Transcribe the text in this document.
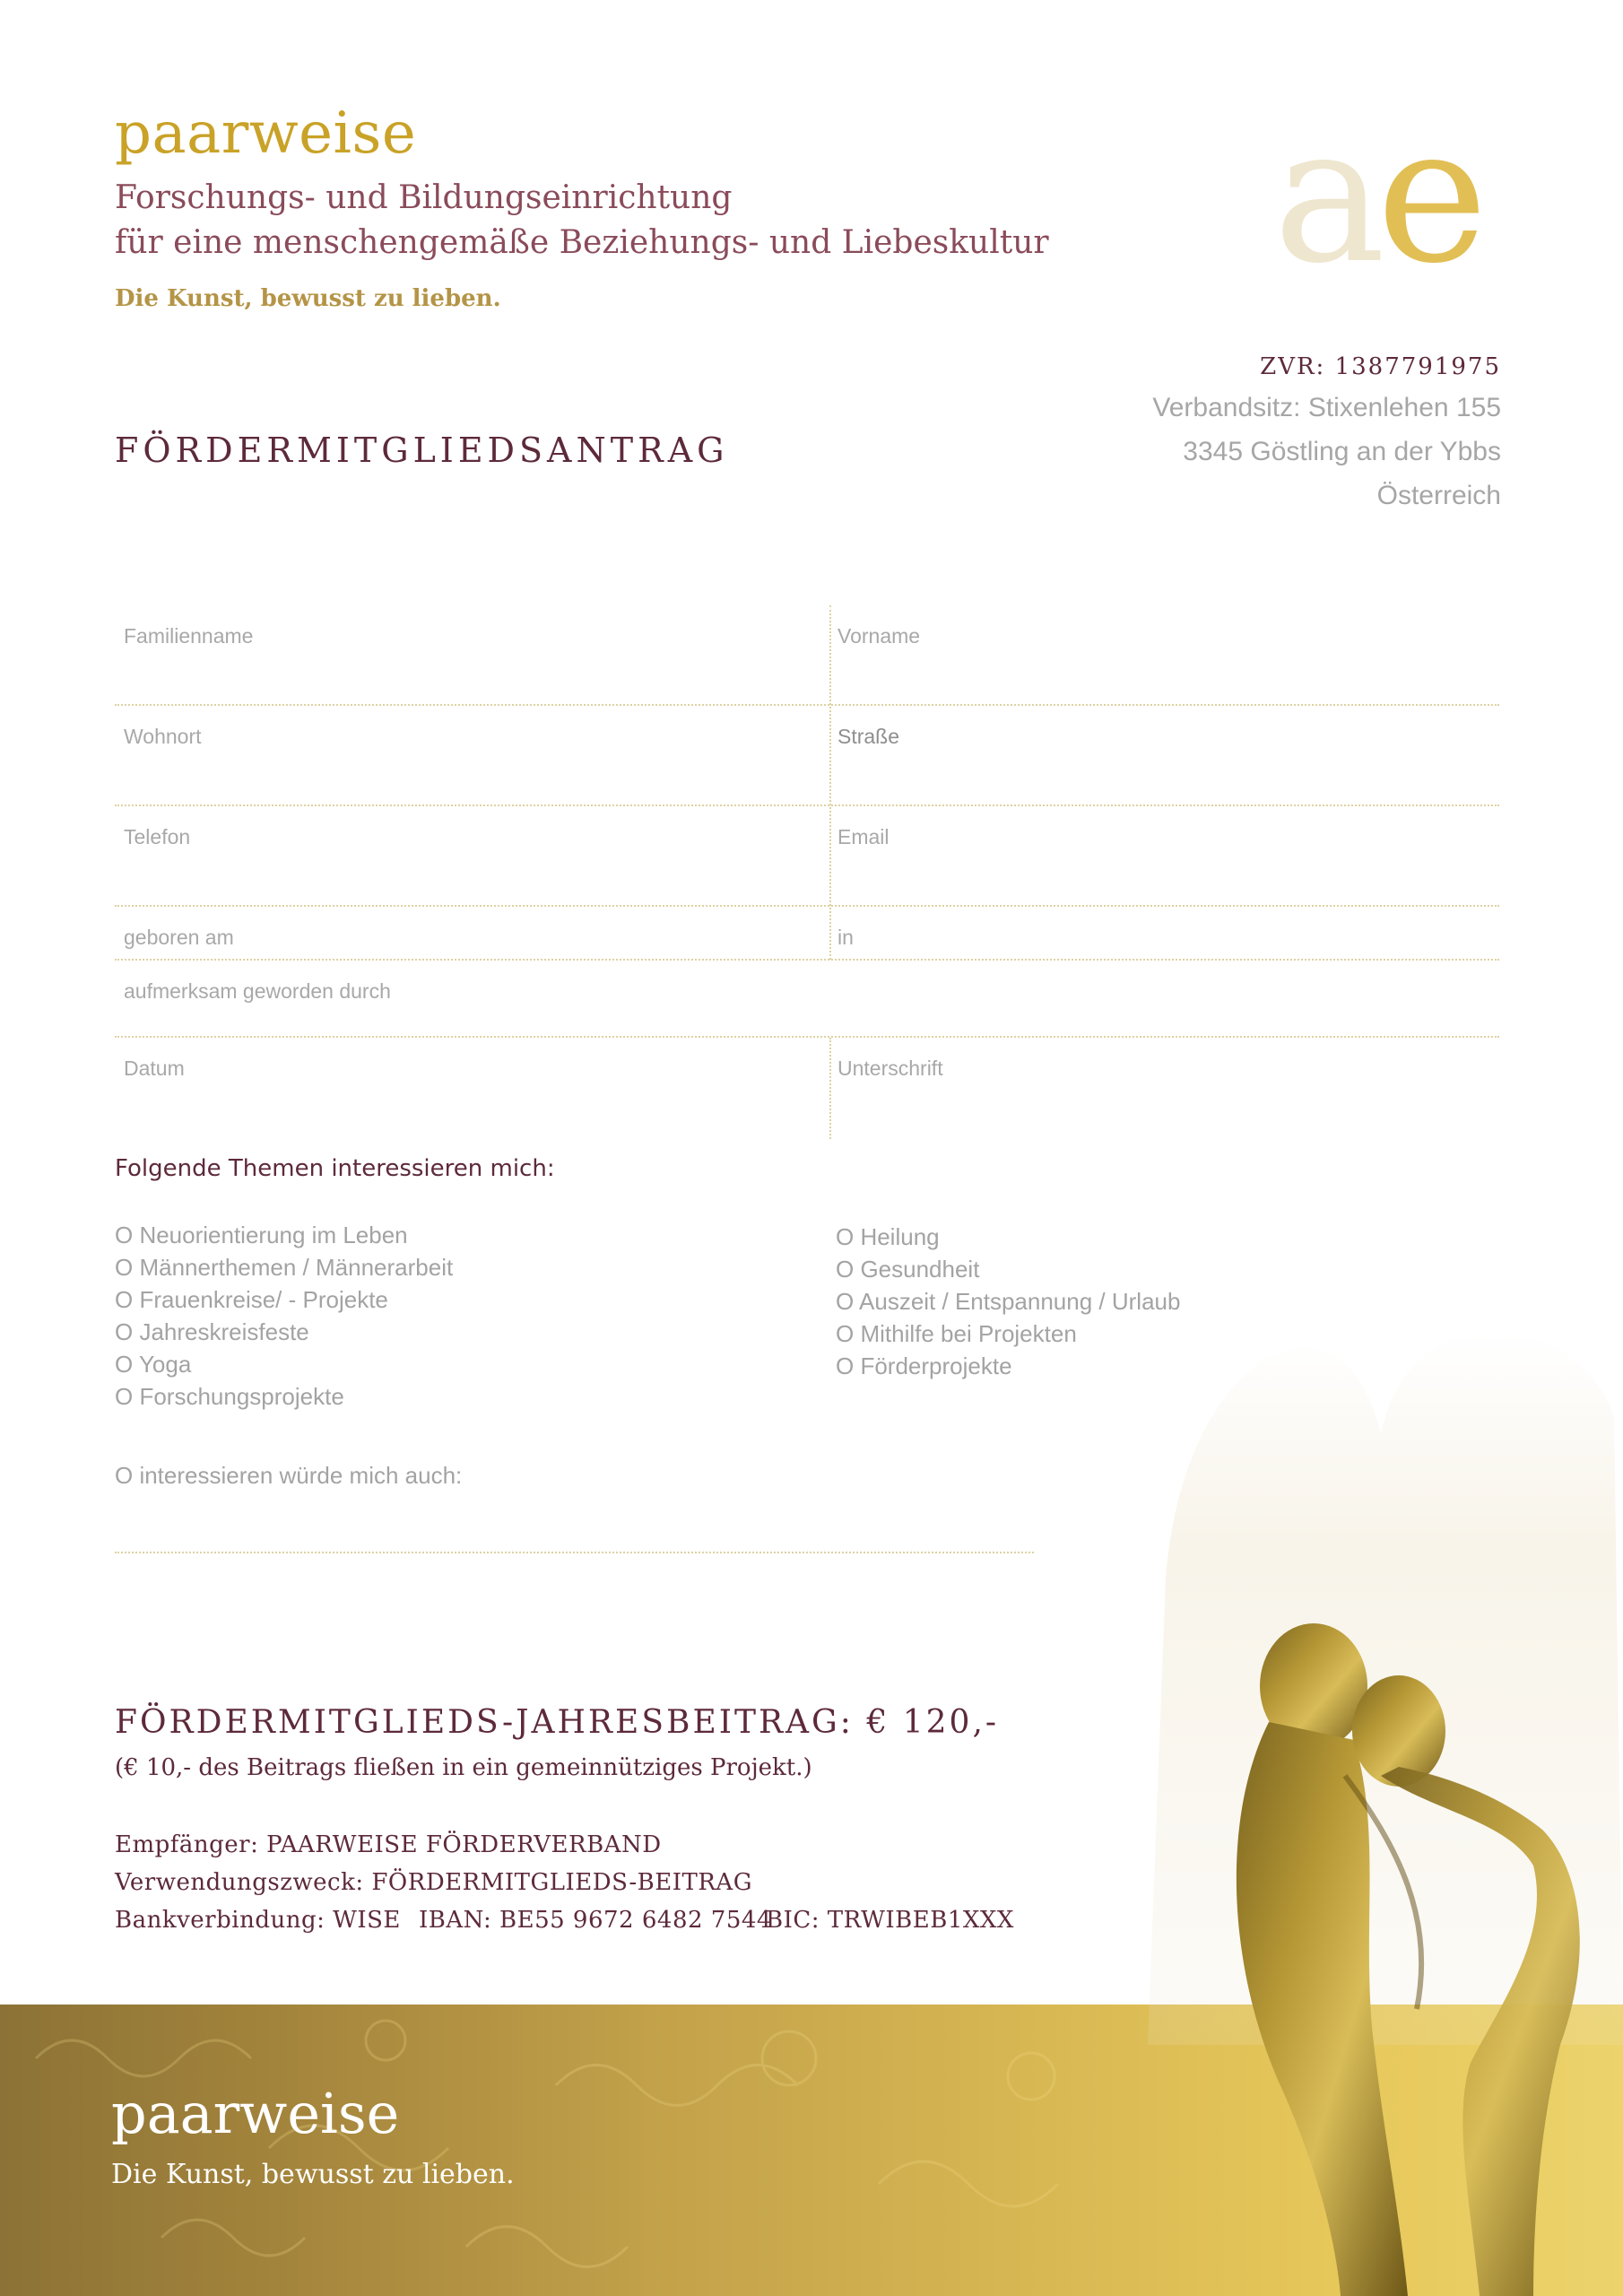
paarweise
Forschungs- und Bildungseinrichtung
für eine menschengemäße Beziehungs- und Liebeskultur
Die Kunst, bewusst zu lieben.	a
e
ZVR: 1387791975
Verbandsitz: Stixenlehen 155
3345 Göstling an der Ybbs
Österreich
FÖRDERMITGLIEDSANTRAG
Familienname	Vorname
Wohnort	Straße
Telefon	Email
geboren am	in
aufmerksam geworden durch
Datum	Unterschrift
Folgende Themen interessieren mich:
O Neuorientierung im Leben
O Männerthemen / Männerarbeit
O Frauenkreise/ - Projekte
O Jahreskreisfeste
O Yoga
O Forschungsprojekte
O Heilung
O Gesundheit
O Auszeit / Entspannung / Urlaub
O Mithilfe bei Projekten
O Förderprojekte
O interessieren würde mich auch:
FÖRDERMITGLIEDS-JAHRESBEITRAG: € 120,-
(€ 10,- des Beitrags fließen in ein gemeinnütziges Projekt.)
Empfänger: PAARWEISE FÖRDERVERBAND
Verwendungszweck: FÖRDERMITGLIEDS-BEITRAG
Bankverbindung: WISE IBAN: BE55 9672 6482 7544
BIC: TRWIBEB1XXX
paarweise
Die Kunst, bewusst zu lieben.
